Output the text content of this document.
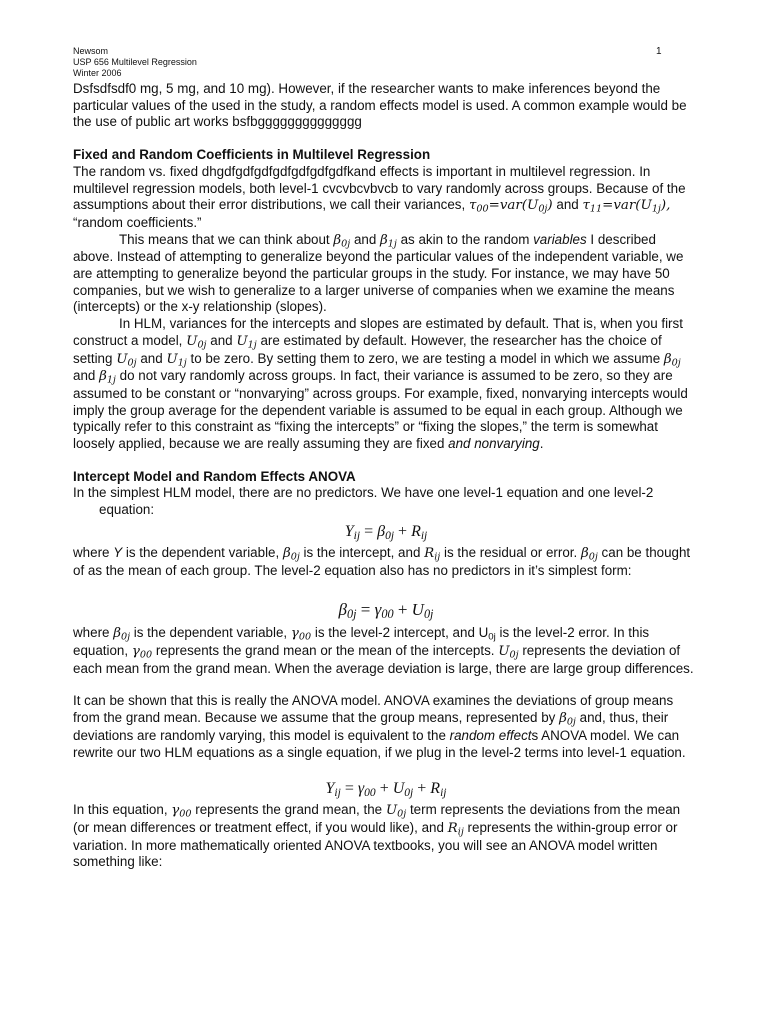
Newsom
USP 656 Multilevel Regression
Winter 2006
1

Dsfsdfsdf0 mg, 5 mg, and 10 mg). However, if the researcher wants to make inferences beyond the particular values of the used in the study, a random effects model is used. A common example would be the use of public art works bsfbgggggggggggggg

Fixed and Random Coefficients in Multilevel Regression

The random vs. fixed dhgdfgdfgdfgdfgdfgdfgdfkand effects is important in multilevel regression. In multilevel regression models, both level-1 cvcvbcvbvcb to vary randomly across groups. Because of the assumptions about their error distributions, we call their variances, $\tau_{00}=var(U_{0j})$ and $\tau_{11}=var(U_{1j})$, “random coefficients.”

This means that we can think about $\beta_{0j}$ and $\beta_{1j}$ as akin to the random variables I described above. Instead of attempting to generalize beyond the particular values of the independent variable, we are attempting to generalize beyond the particular groups in the study. For instance, we may have 50 companies, but we wish to generalize to a larger universe of companies when we examine the means (intercepts) or the x-y relationship (slopes).

In HLM, variances for the intercepts and slopes are estimated by default. That is, when you first construct a model, $U_{0j}$ and $U_{1j}$ are estimated by default. However, the researcher has the choice of setting $U_{0j}$ and $U_{1j}$ to be zero. By setting them to zero, we are testing a model in which we assume $\beta_{0j}$ and $\beta_{1j}$ do not vary randomly across groups. In fact, their variance is assumed to be zero, so they are assumed to be constant or “nonvarying” across groups. For example, fixed, nonvarying intercepts would imply the group average for the dependent variable is assumed to be equal in each group. Although we typically refer to this constraint as “fixing the intercepts” or “fixing the slopes,” the term is somewhat loosely applied, because we are really assuming they are fixed and nonvarying.

Intercept Model and Random Effects ANOVA

In the simplest HLM model, there are no predictors. We have one level-1 equation and one level-2 equation:

$Y_{ij} = \beta_{0j} + R_{ij}$

where Y is the dependent variable, $\beta_{0j}$ is the intercept, and $R_{ij}$ is the residual or error. $\beta_{0j}$ can be thought of as the mean of each group. The level-2 equation also has no predictors in it’s simplest form:

$\beta_{0j} = \gamma_{00} + U_{0j}$

where $\beta_{0j}$ is the dependent variable, $\gamma_{00}$ is the level-2 intercept, and $U_{0j}$ is the level-2 error. In this equation, $\gamma_{00}$ represents the grand mean or the mean of the intercepts. $U_{0j}$ represents the deviation of each mean from the grand mean. When the average deviation is large, there are large group differences.

It can be shown that this is really the ANOVA model. ANOVA examines the deviations of group means from the grand mean. Because we assume that the group means, represented by $\beta_{0j}$ and, thus, their deviations are randomly varying, this model is equivalent to the random effects ANOVA model. We can rewrite our two HLM equations as a single equation, if we plug in the level-2 terms into level-1 equation.

$Y_{ij} = \gamma_{00} + U_{0j} + R_{ij}$

In this equation, $\gamma_{00}$ represents the grand mean, the $U_{0j}$ term represents the deviations from the mean (or mean differences or treatment effect, if you would like), and $R_{ij}$ represents the within-group error or variation. In more mathematically oriented ANOVA textbooks, you will see an ANOVA model written something like:
